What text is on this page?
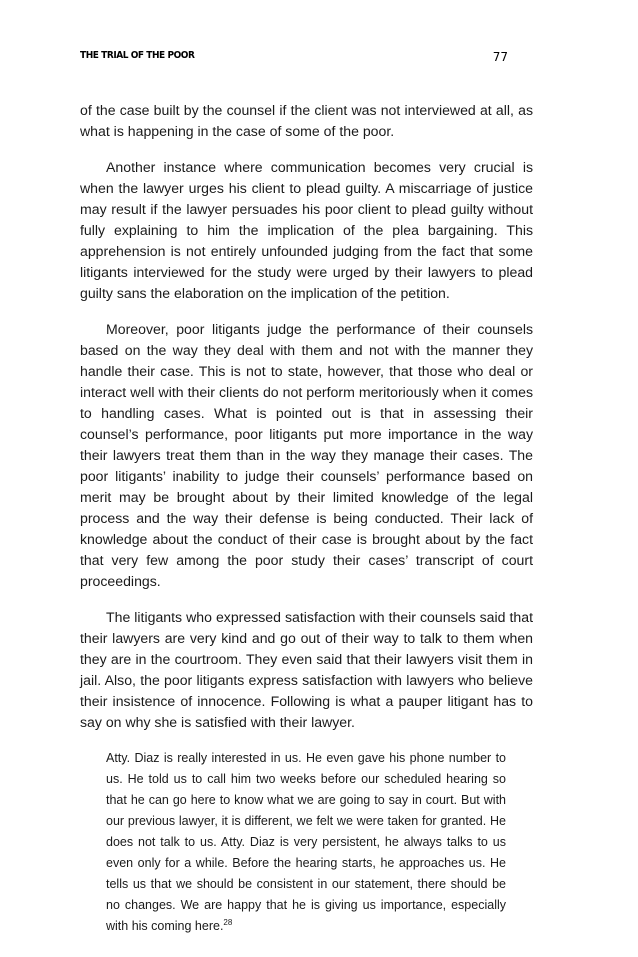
THE TRIAL OF THE POOR	77

of the case built by the counsel if the client was not interviewed at all, as what is happening in the case of some of the poor.

Another instance where communication becomes very crucial is when the lawyer urges his client to plead guilty. A miscarriage of justice may result if the lawyer persuades his poor client to plead guilty without fully explaining to him the implication of the plea bargaining. This apprehension is not entirely unfounded judging from the fact that some litigants interviewed for the study were urged by their lawyers to plead guilty sans the elaboration on the implication of the petition.

Moreover, poor litigants judge the performance of their counsels based on the way they deal with them and not with the manner they handle their case. This is not to state, however, that those who deal or interact well with their clients do not perform meritoriously when it comes to handling cases. What is pointed out is that in assessing their counsel’s performance, poor litigants put more importance in the way their lawyers treat them than in the way they manage their cases. The poor litigants’ inability to judge their counsels’ performance based on merit may be brought about by their limited knowledge of the legal process and the way their defense is being conducted. Their lack of knowledge about the conduct of their case is brought about by the fact that very few among the poor study their cases’ transcript of court proceedings.

The litigants who expressed satisfaction with their counsels said that their lawyers are very kind and go out of their way to talk to them when they are in the courtroom. They even said that their lawyers visit them in jail. Also, the poor litigants express satisfaction with lawyers who believe their insistence of innocence. Following is what a pauper litigant has to say on why she is satisfied with their lawyer.

Atty. Diaz is really interested in us. He even gave his phone number to us. He told us to call him two weeks before our scheduled hearing so that he can go here to know what we are going to say in court. But with our previous lawyer, it is different, we felt we were taken for granted. He does not talk to us. Atty. Diaz is very persistent, he always talks to us even only for a while. Before the hearing starts, he approaches us. He tells us that we should be consistent in our statement, there should be no changes. We are happy that he is giving us importance, especially with his coming here.$^{28}$
